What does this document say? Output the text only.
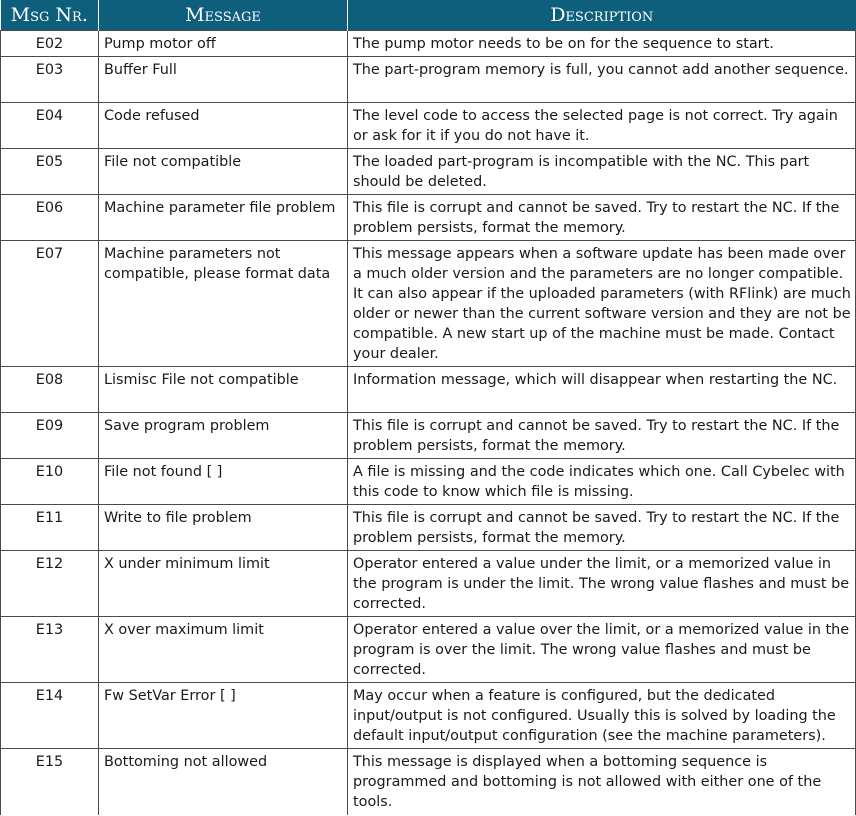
Msg Nr.	Message	Description
E02	Pump motor off	The pump motor needs to be on for the sequence to start.
E03	Buffer Full	The part-program memory is full, you cannot add another sequence.
E04	Code refused	The level code to access the selected page is not correct. Try again or ask for it if you do not have it.
E05	File not compatible	The loaded part-program is incompatible with the NC. This part should be deleted.
E06	Machine parameter file problem	This file is corrupt and cannot be saved. Try to restart the NC. If the problem persists, format the memory.
E07	Machine parameters not compatible, please format data	This message appears when a software update has been made over a much older version and the parameters are no longer compatible. It can also appear if the uploaded parameters (with RFlink) are much older or newer than the current software version and they are not be compatible. A new start up of the machine must be made. Contact your dealer.
E08	Lismisc File not compatible	Information message, which will disappear when restarting the NC.
E09	Save program problem	This file is corrupt and cannot be saved. Try to restart the NC. If the problem persists, format the memory.
E10	File not found [ ]	A file is missing and the code indicates which one. Call Cybelec with this code to know which file is missing.
E11	Write to file problem	This file is corrupt and cannot be saved. Try to restart the NC. If the problem persists, format the memory.
E12	X under minimum limit	Operator entered a value under the limit, or a memorized value in the program is under the limit. The wrong value flashes and must be corrected.
E13	X over maximum limit	Operator entered a value over the limit, or a memorized value in the program is over the limit. The wrong value flashes and must be corrected.
E14	Fw SetVar Error [ ]	May occur when a feature is configured, but the dedicated input/output is not configured. Usually this is solved by loading the default input/output configuration (see the machine parameters).
E15	Bottoming not allowed	This message is displayed when a bottoming sequence is programmed and bottoming is not allowed with either one of the tools.
